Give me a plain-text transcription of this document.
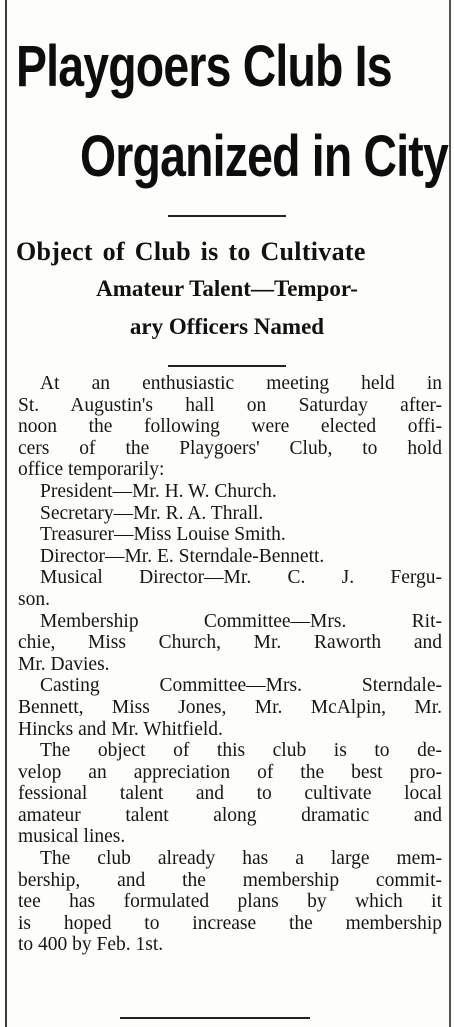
Playgoers Club Is
Organized in City
Object of Club is to Cultivate
Amateur Talent—Tempor-
ary Officers Named
At an enthusiastic meeting held in
St. Augustin's hall on Saturday after-
noon the following were elected offi-
cers of the Playgoers' Club, to hold
office temporarily:
President—Mr. H. W. Church.
Secretary—Mr. R. A. Thrall.
Treasurer—Miss Louise Smith.
Director—Mr. E. Sterndale-Bennett.
Musical Director—Mr. C. J. Fergu-
son.
Membership Committee—Mrs. Rit-
chie, Miss Church, Mr. Raworth and
Mr. Davies.
Casting Committee—Mrs. Sterndale-
Bennett, Miss Jones, Mr. McAlpin, Mr.
Hincks and Mr. Whitfield.
The object of this club is to de-
velop an appreciation of the best pro-
fessional talent and to cultivate local
amateur talent along dramatic and
musical lines.
The club already has a large mem-
bership, and the membership commit-
tee has formulated plans by which it
is hoped to increase the membership
to 400 by Feb. 1st.
